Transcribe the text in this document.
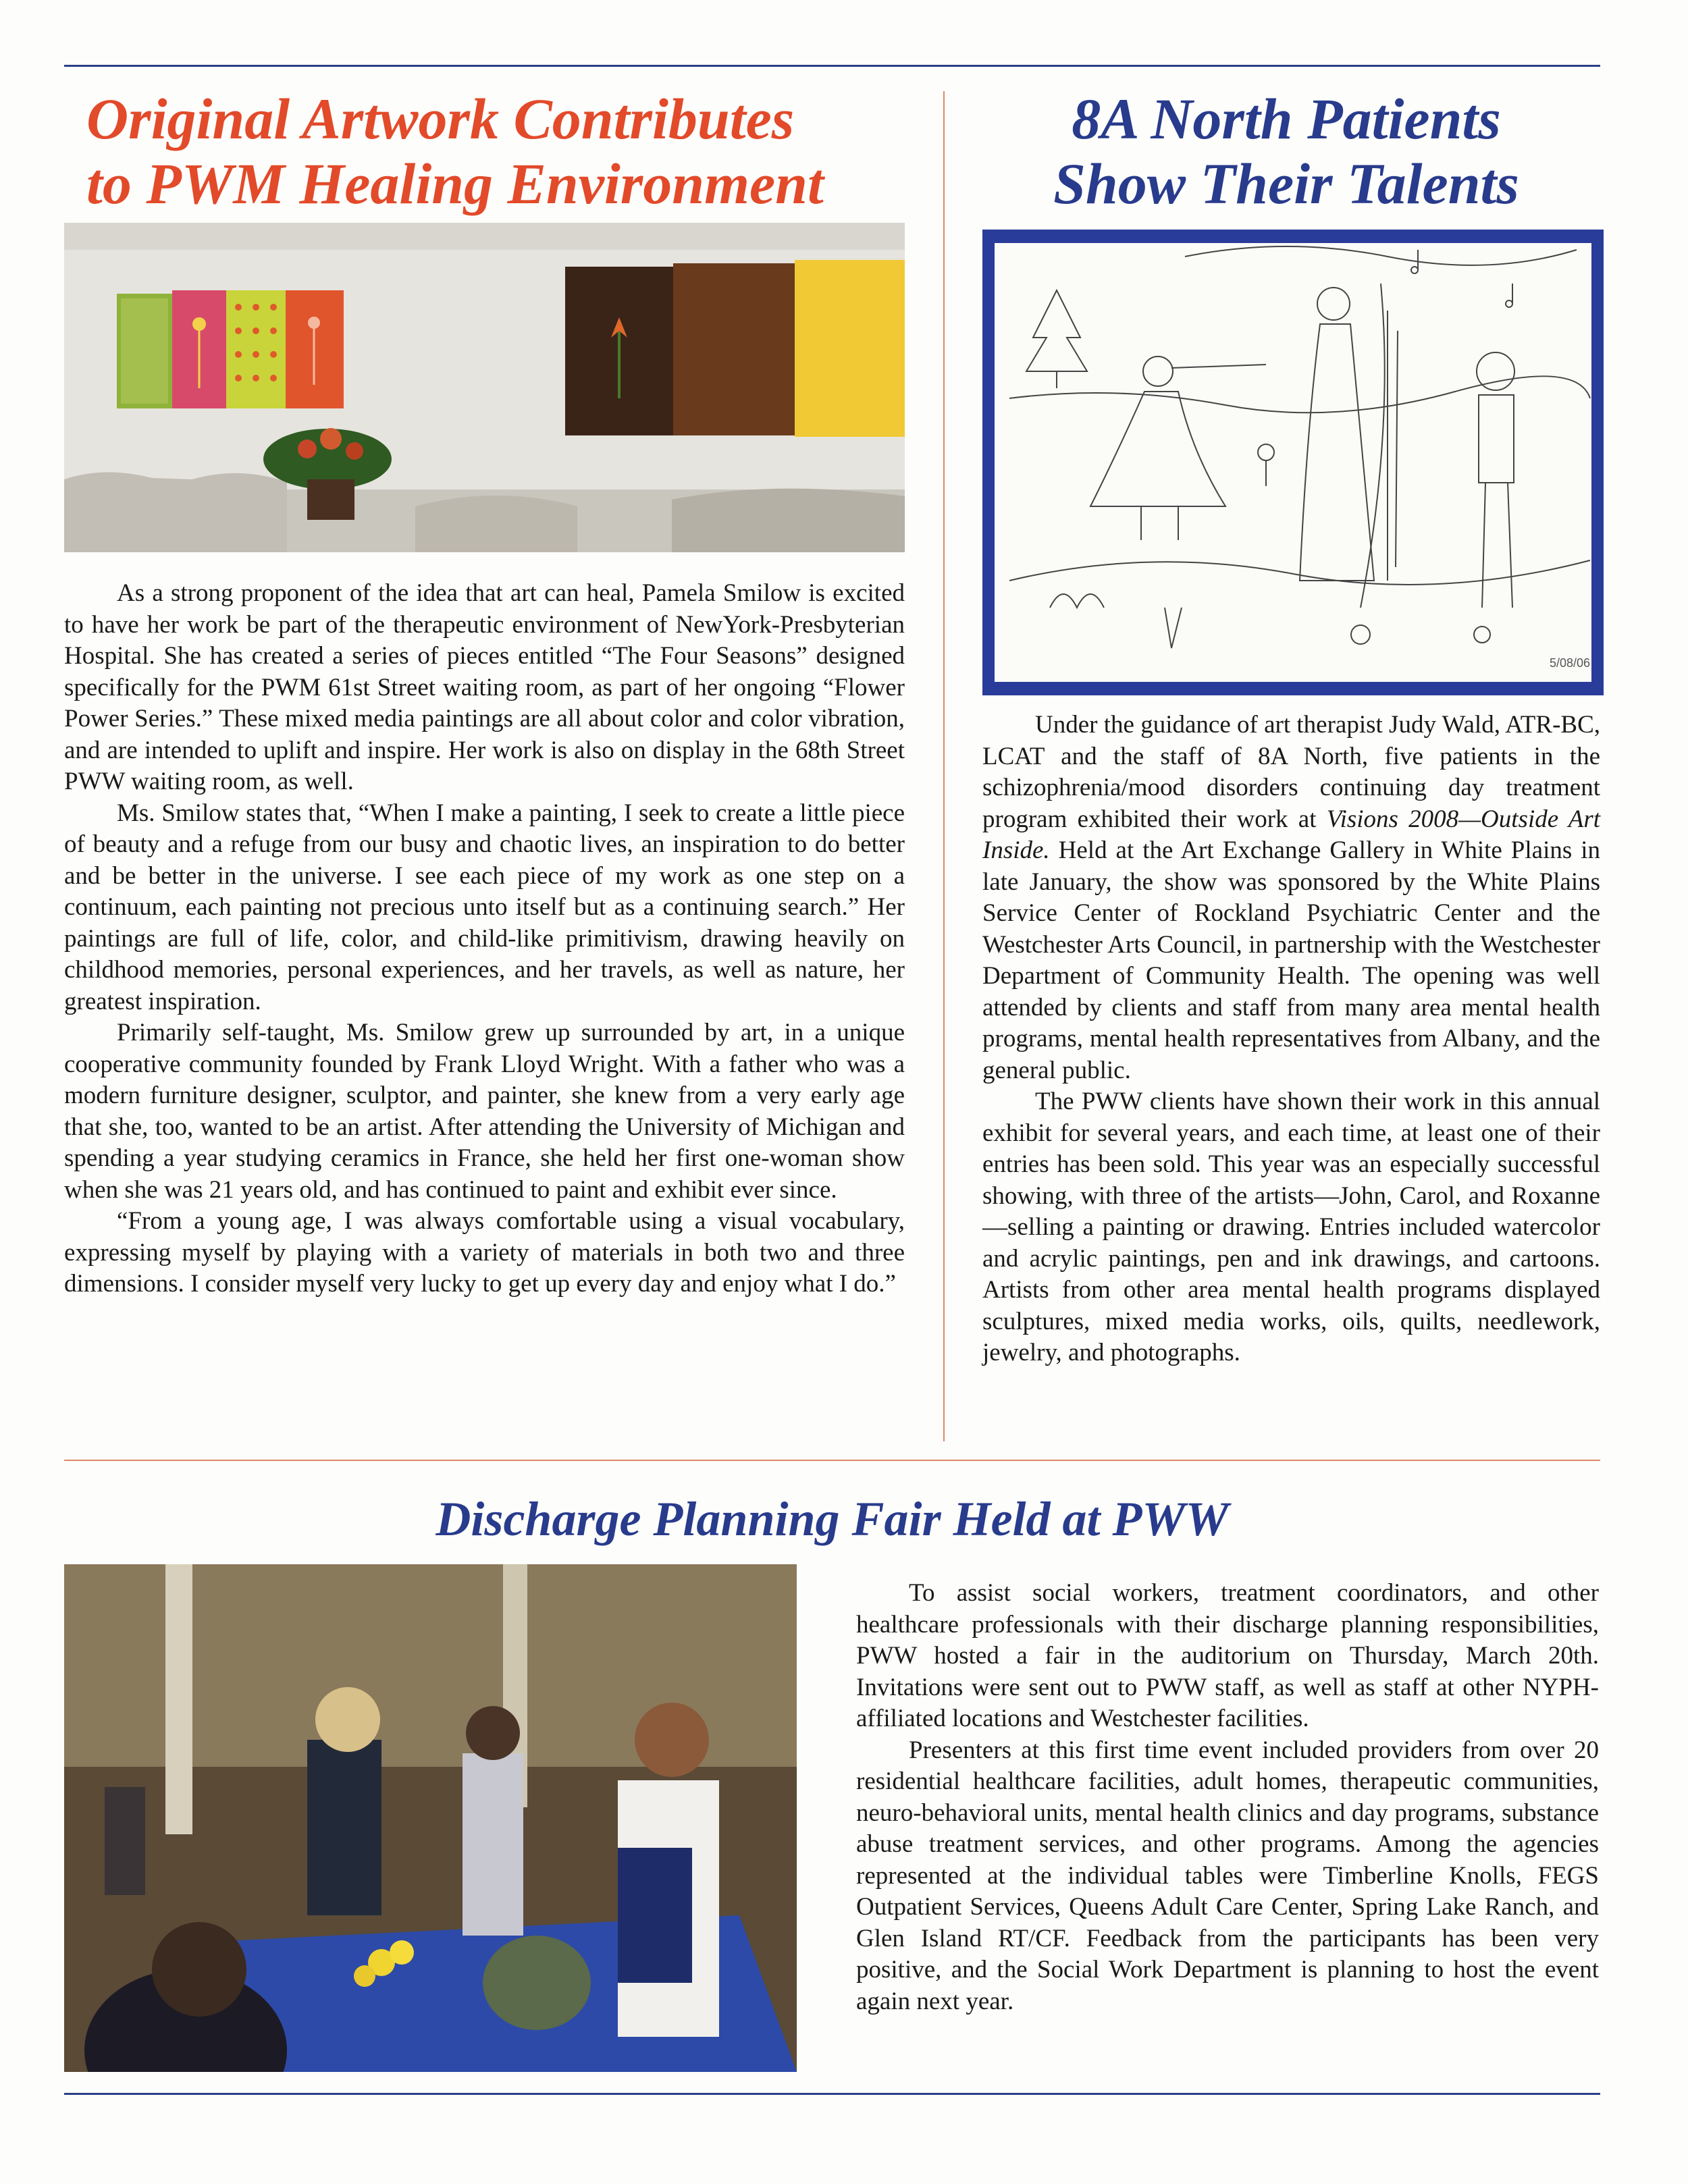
Original Artwork Contributes
to PWM Healing Environment

As a strong proponent of the idea that art can heal, Pamela Smilow is excited to have her work be part of the therapeutic environment of NewYork-Presbyterian Hospital. She has created a series of pieces entitled “The Four Seasons” designed specifically for the PWM 61st Street waiting room, as part of her ongoing “Flower Power Series.” These mixed media paintings are all about color and color vibration, and are intended to uplift and inspire. Her work is also on display in the 68th Street PWW waiting room, as well.

Ms. Smilow states that, “When I make a painting, I seek to create a little piece of beauty and a refuge from our busy and chaotic lives, an inspiration to do better and be better in the universe. I see each piece of my work as one step on a continuum, each painting not precious unto itself but as a continuing search.” Her paintings are full of life, color, and child-like primitivism, drawing heavily on childhood memories, personal experiences, and her travels, as well as nature, her greatest inspiration.

Primarily self-taught, Ms. Smilow grew up surrounded by art, in a unique cooperative community founded by Frank Lloyd Wright. With a father who was a modern furniture designer, sculptor, and painter, she knew from a very early age that she, too, wanted to be an artist. After attending the University of Michigan and spending a year studying ceramics in France, she held her first one-woman show when she was 21 years old, and has continued to paint and exhibit ever since.

“From a young age, I was always comfortable using a visual vocabulary, expressing myself by playing with a variety of materials in both two and three dimensions. I consider myself very lucky to get up every day and enjoy what I do.”

8A North Patients
Show Their Talents
5/08/06

Under the guidance of art therapist Judy Wald, ATR-BC, LCAT and the staff of 8A North, five patients in the schizophrenia/mood disorders continuing day treatment program exhibited their work at Visions 2008—Outside Art Inside. Held at the Art Exchange Gallery in White Plains in late January, the show was sponsored by the White Plains Service Center of Rockland Psychiatric Center and the Westchester Arts Council, in partnership with the Westchester Department of Community Health. The opening was well attended by clients and staff from many area mental health programs, mental health representatives from Albany, and the general public.

The PWW clients have shown their work in this annual exhibit for several years, and each time, at least one of their entries has been sold. This year was an especially successful showing, with three of the artists—John, Carol, and Roxanne—selling a painting or drawing. Entries included watercolor and acrylic paintings, pen and ink drawings, and cartoons. Artists from other area mental health programs displayed sculptures, mixed media works, oils, quilts, needlework, jewelry, and photographs.

Discharge Planning Fair Held at PWW

To assist social workers, treatment coordinators, and other healthcare professionals with their discharge planning responsibilities, PWW hosted a fair in the auditorium on Thursday, March 20th. Invitations were sent out to PWW staff, as well as staff at other NYPH-affiliated locations and Westchester facilities.

Presenters at this first time event included providers from over 20 residential healthcare facilities, adult homes, therapeutic communities, neuro-behavioral units, mental health clinics and day programs, substance abuse treatment services, and other programs. Among the agencies represented at the individual tables were Timberline Knolls, FEGS Outpatient Services, Queens Adult Care Center, Spring Lake Ranch, and Glen Island RT/CF. Feedback from the participants has been very positive, and the Social Work Department is planning to host the event again next year.
